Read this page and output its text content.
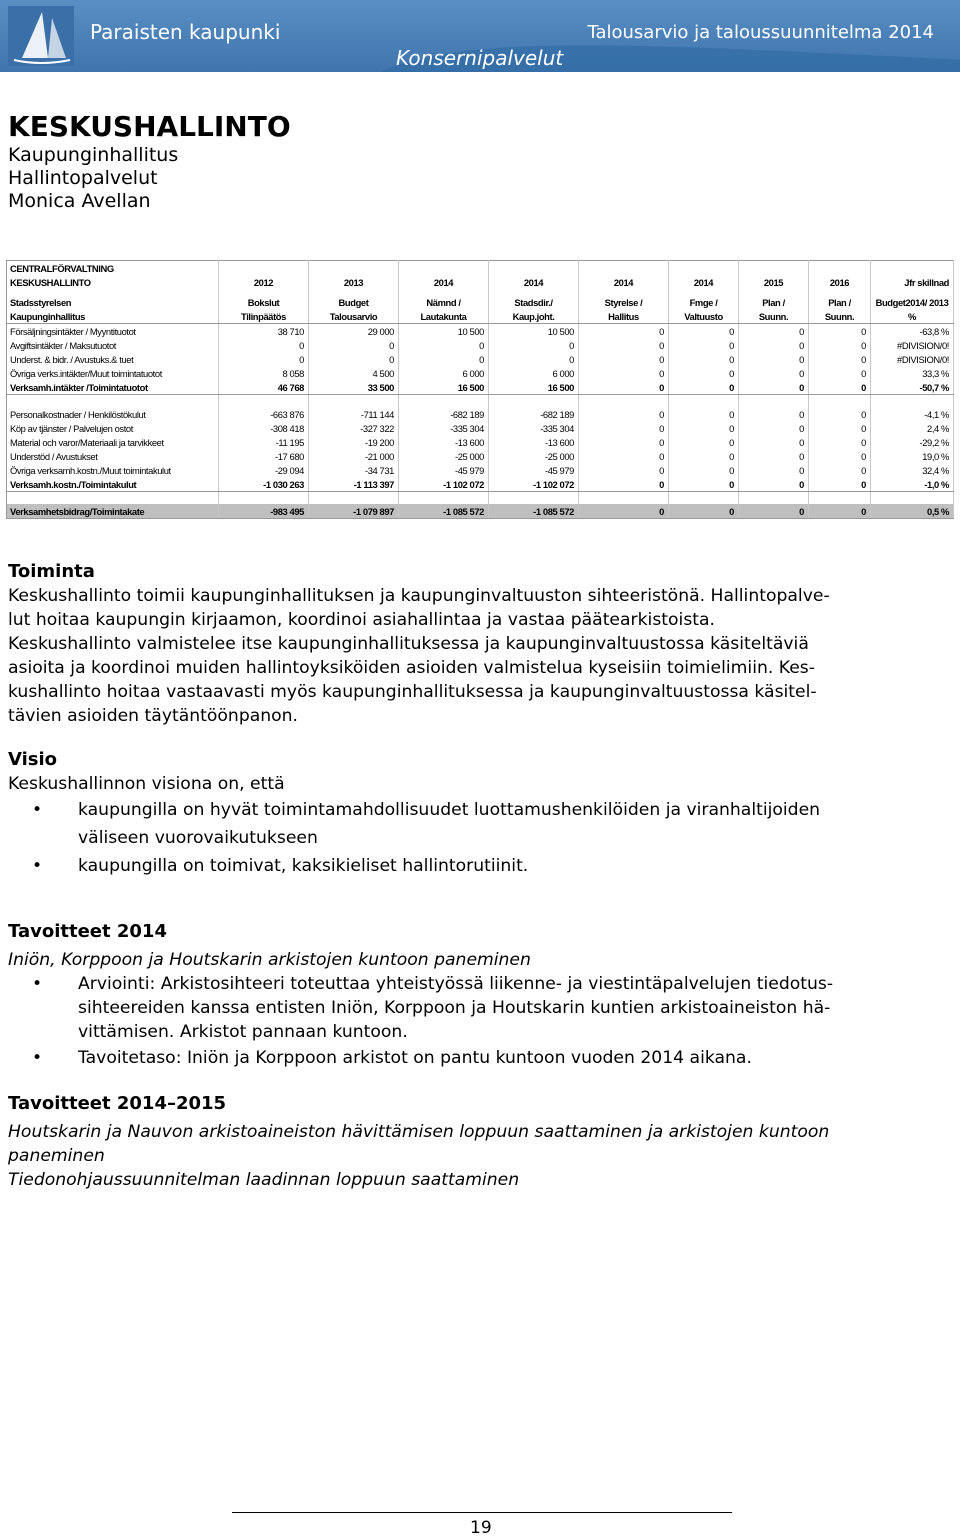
Paraisten kaupunki	Talousarvio ja taloussuunnitelma 2014
Konsernipalvelut
KESKUSHALLINTO
Kaupunginhallitus
Hallintopalvelut
Monica Avellan
CENTRALFÖRVALTNING									
KESKUSHALLINTO	2012	2013	2014	2014	2014	2014	2015	2016	Jfr skillnad

Stadsstyrelsen	Bokslut	Budget	Nämnd /	Stadsdir./	Styrelse /	Fmge /	Plan /	Plan /	Budget2014/ 2013
Kaupunginhallitus	Tilinpäätös	Talousarvio	Lautakunta	Kaup.joht.	Hallitus	Valtuusto	Suunn.	Suunn.	%
Försäljningsintäkter / Myyntituotot	38 710	29 000	10 500	10 500	0	0	0	0	-63,8 %
Avgiftsintäkter / Maksutuotot	0	0	0	0	0	0	0	0	#DIVISION/0!
Underst. & bidr. / Avustuks.& tuet	0	0	0	0	0	0	0	0	#DIVISION/0!
Övriga verks.intäkter/Muut toimintatuotot	8 058	4 500	6 000	6 000	0	0	0	0	33,3 %
Verksamh.intäkter /Toimintatuotot	46 768	33 500	16 500	16 500	0	0	0	0	-50,7 %

Personalkostnader / Henkilöstökulut	-663 876	-711 144	-682 189	-682 189	0	0	0	0	-4,1 %
Köp av tjänster / Palvelujen ostot	-308 418	-327 322	-335 304	-335 304	0	0	0	0	2,4 %
Material och varor/Materiaali ja tarvikkeet	-11 195	-19 200	-13 600	-13 600	0	0	0	0	-29,2 %
Understöd / Avustukset	-17 680	-21 000	-25 000	-25 000	0	0	0	0	19,0 %
Övriga verksamh.kostn./Muut toimintakulut	-29 094	-34 731	-45 979	-45 979	0	0	0	0	32,4 %
Verksamh.kostn./Toimintakulut	-1 030 263	-1 113 397	-1 102 072	-1 102 072	0	0	0	0	-1,0 %

Verksamhetsbidrag/Toimintakate	-983 495	-1 079 897	-1 085 572	-1 085 572	0	0	0	0	0,5 %
Toiminta

Keskushallinto toimii kaupunginhallituksen ja kaupunginvaltuuston sihteeristönä. Hallintopalve-

lut hoitaa kaupungin kirjaamon, koordinoi asiahallintaa ja vastaa päätearkistoista.

Keskushallinto valmistelee itse kaupunginhallituksessa ja kaupunginvaltuustossa käsiteltäviä

asioita ja koordinoi muiden hallintoyksiköiden asioiden valmistelua kyseisiin toimielimiin. Kes-

kushallinto hoitaa vastaavasti myös kaupunginhallituksessa ja kaupunginvaltuustossa käsitel-

tävien asioiden täytäntöönpanon.

Visio

Keskushallinnon visiona on, että

• kaupungilla on hyvät toimintamahdollisuudet luottamushenkilöiden ja viranhaltijoiden
väliseen vuorovaikutukseen
• kaupungilla on toimivat, kaksikieliset hallintorutiinit.
Tavoitteet 2014

Iniön, Korppoon ja Houtskarin arkistojen kuntoon paneminen

• Arviointi: Arkistosihteeri toteuttaa yhteistyössä liikenne- ja viestintäpalvelujen tiedotus-
sihteereiden kanssa entisten Iniön, Korppoon ja Houtskarin kuntien arkistoaineiston hä-
vittämisen. Arkistot pannaan kuntoon.
• Tavoitetaso: Iniön ja Korppoon arkistot on pantu kuntoon vuoden 2014 aikana.
Tavoitteet 2014–2015

Houtskarin ja Nauvon arkistoaineiston hävittämisen loppuun saattaminen ja arkistojen kuntoon

paneminen

Tiedonohjaussuunnitelman laadinnan loppuun saattaminen

19
